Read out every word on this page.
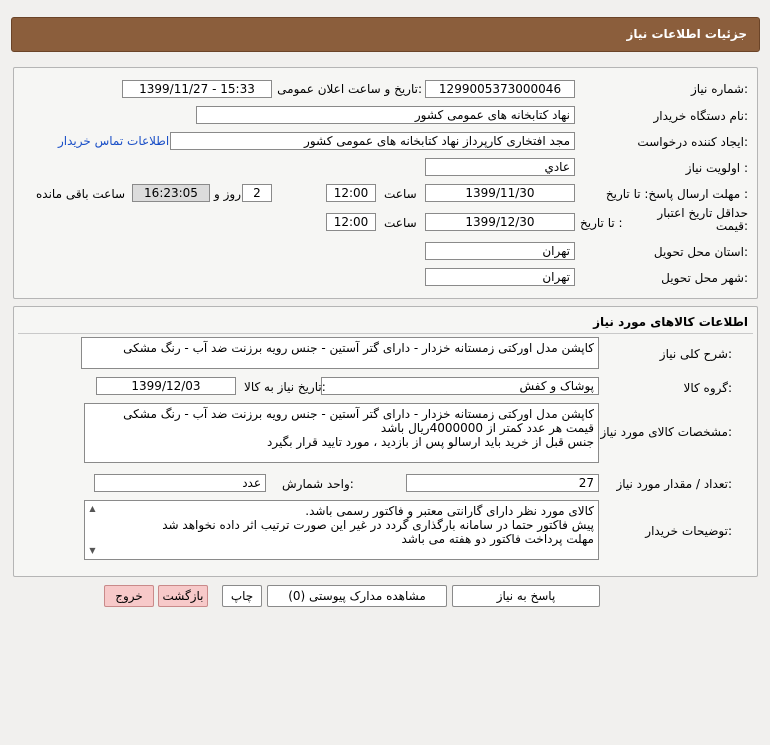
جزئیات اطلاعات نیاز
شماره نیاز:
1299005373000046
تاریخ و ساعت اعلان عمومی:
1399/11/27 - 15:33
نام دستگاه خریدار:
نهاد کتابخانه های عمومی کشور
ایجاد کننده درخواست:
مجد افتخاری کارپرداز نهاد کتابخانه های عمومی کشور
اطلاعات تماس خریدار
اولویت نیاز :
عادي
مهلت ارسال پاسخ: تا تاریخ :
1399/11/30
ساعت
12:00
2
روز و
16:23:05
ساعت باقی مانده
حداقل تاریخ اعتبار قیمت:
تا تاریخ :
1399/12/30
ساعت
12:00
استان محل تحویل:
تهران
شهر محل تحویل:
تهران
اطلاعات کالاهای مورد نیاز
شرح کلی نیاز:
کاپشن مدل اورکتی زمستانه خزدار - دارای گتر آستین - جنس رویه برزنت ضد آب - رنگ مشکی
گروه کالا:
پوشاک و کفش
تاریخ نیاز به کالا:
1399/12/03
مشخصات کالای مورد نیاز:
کاپشن مدل اورکتی زمستانه خزدار - دارای گتر آستین - جنس رویه برزنت ضد آب - رنگ مشکی
قیمت هر عدد کمتر از 4000000ریال باشد
جنس قبل از خرید باید ارسالو پس از بازدید ، مورد تایید قرار بگیرد
تعداد / مقدار مورد نیاز:
27
واحد شمارش:
عدد
توضیحات خریدار:
▲
▼
کالای مورد نظر دارای گارانتی معتبر و فاکتور رسمی باشد.
پیش فاکتور حتما در سامانه بارگذاری گردد در غیر این صورت ترتیب اثر داده نخواهد شد
مهلت پرداخت فاکتور دو هفته می باشد
پاسخ به نیاز
مشاهده مدارک پیوستی (0)
چاپ
بازگشت
خروج
